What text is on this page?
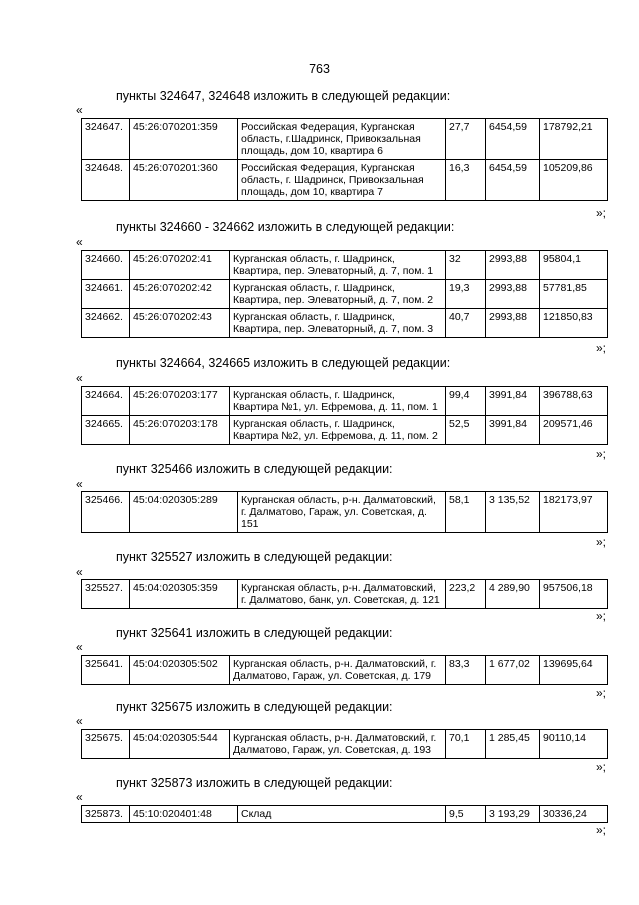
763
пункты 324647, 324648 изложить в следующей редакции:
«
324647.	45:26:070201:359	Российская Федерация, Курганская область, г.Шадринск, Привокзальная площадь, дом 10, квартира 6	27,7	6454,59	178792,21
324648.	45:26:070201:360	Российская Федерация, Курганская область, г. Шадринск, Привокзальная площадь, дом 10, квартира 7	16,3	6454,59	105209,86
»;
пункты 324660 - 324662 изложить в следующей редакции:
«
324660.	45:26:070202:41	Курганская область, г. Шадринск, Квартира, пер. Элеваторный, д. 7, пом. 1	32	2993,88	95804,1
324661.	45:26:070202:42	Курганская область, г. Шадринск, Квартира, пер. Элеваторный, д. 7, пом. 2	19,3	2993,88	57781,85
324662.	45:26:070202:43	Курганская область, г. Шадринск, Квартира, пер. Элеваторный, д. 7, пом. 3	40,7	2993,88	121850,83
»;
пункты 324664, 324665 изложить в следующей редакции:
«
324664.	45:26:070203:177	Курганская область, г. Шадринск, Квартира №1, ул. Ефремова, д. 11, пом. 1	99,4	3991,84	396788,63
324665.	45:26:070203:178	Курганская область, г. Шадринск, Квартира №2, ул. Ефремова, д. 11, пом. 2	52,5	3991,84	209571,46
»;
пункт 325466 изложить в следующей редакции:
«
325466.	45:04:020305:289	Курганская область, р-н. Далматовский, г. Далматово, Гараж, ул. Советская, д. 151	58,1	3 135,52	182173,97
»;
пункт 325527 изложить в следующей редакции:
«
325527.	45:04:020305:359	Курганская область, р-н. Далматовский, г. Далматово, банк, ул. Советская, д. 121	223,2	4 289,90	957506,18
»;
пункт 325641 изложить в следующей редакции:
«
325641.	45:04:020305:502	Курганская область, р-н. Далматовский, г. Далматово, Гараж, ул. Советская, д. 179	83,3	1 677,02	139695,64
»;
пункт 325675 изложить в следующей редакции:
«
325675.	45:04:020305:544	Курганская область, р-н. Далматовский, г. Далматово, Гараж, ул. Советская, д. 193	70,1	1 285,45	90110,14
»;
пункт 325873 изложить в следующей редакции:
«
325873.	45:10:020401:48	Склад	9,5	3 193,29	30336,24
»;
